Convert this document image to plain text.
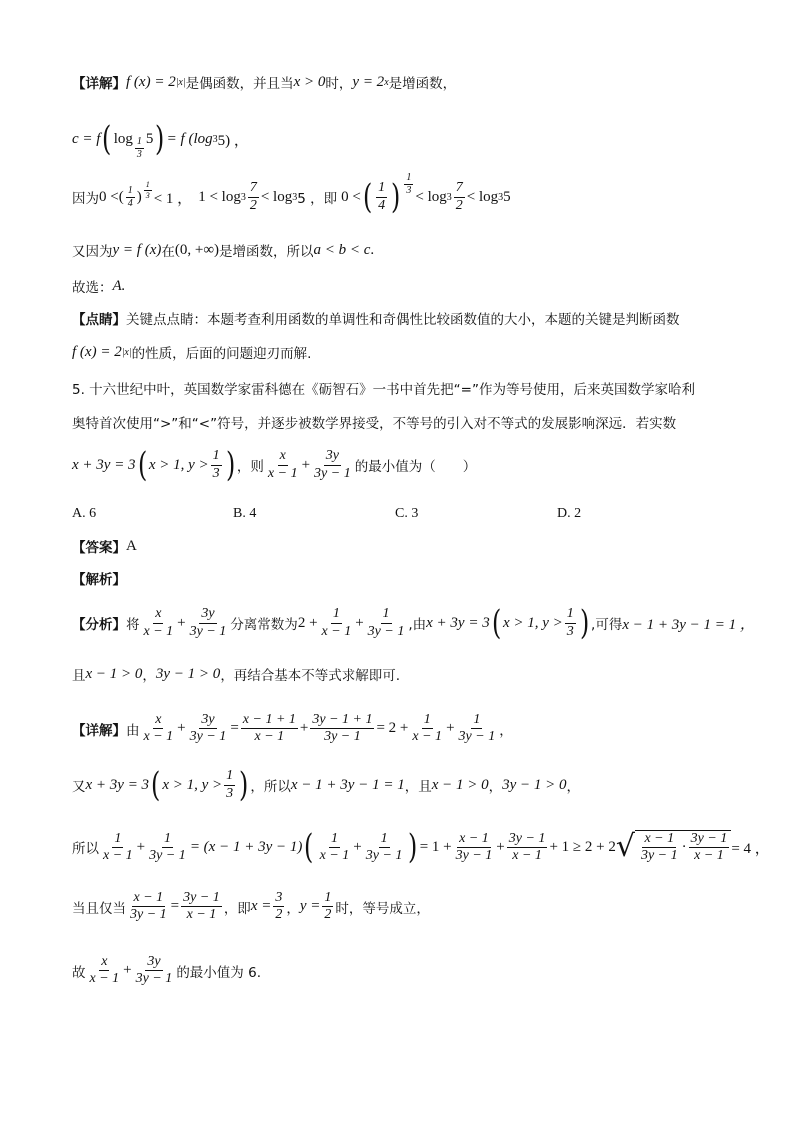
【详解】 f (x) = 2 |x| 是偶函数，并且当 x > 0 时， y = 2 x 是增函数，
c = f ( $\log \frac{1}{3} 5$ ) = f (log 3 5) ，
因为 0 <( $\frac{1}{4}$ ) $\frac{1}{3} < 1$ ， $1 < \log 3 \frac{7}{2} < \log 3$ 5 ，即 0 < ( $\frac{1}{4}$ ) $\frac{1}{3}$
< $\log 3 \frac{7}{2} < \log 3$ 5
又因为 y = f (x) 在 (0, +∞) 是增函数，所以 a < b < c .
故选： A.
【点睛】 关键点点睛：本题考查利用函数的单调性和奇偶性比较函数值的大小，本题的关键是判断函数
f (x) = 2 |x| 的性质，后面的问题迎刃而解.
5. 十六世纪中叶，英国数学家雷科德在《砺智石》一书中首先把“=”作为等号使用，后来英国数学家哈利
奥特首次使用“>”和“<”符号，并逐步被数学界接受，不等号的引入对不等式的发展影响深远．若实数
x + 3y = 3 ( x > 1, $y > \frac{1}{3}$ ) ，则 $\frac{x}{x - 1} + \frac{3y}{3y - 1}$ 的最小值为（　　）
A. 6	B. 4	C. 3	D. 2
【答案】 A
【解析】
【分析】 将 $\frac{x}{x - 1} + \frac{3y}{3y - 1}$ 分离常数为 $2 + \frac{1}{x - 1} + \frac{1}{3y - 1}$ ,由 x + 3y = 3 ( x > 1, $y > \frac{1}{3}$ ) ,可得 x − 1 + 3y − 1 = 1 ，
且 x − 1 > 0 ， 3y − 1 > 0 ，再结合基本不等式求解即可.
【详解】 由 $\frac{x}{x - 1} + \frac{3y}{3y - 1} = \frac{x - 1 + 1}{x - 1} + \frac{3y - 1 + 1}{3y - 1} = 2 + \frac{1}{x - 1} + \frac{1}{3y - 1}$ ，
又 x + 3y = 3 ( x > 1, $y > \frac{1}{3}$ ) ，所以 x − 1 + 3y − 1 = 1 ，且 x − 1 > 0 ， 3y − 1 > 0 ，
所以 $\frac{1}{x - 1} + \frac{1}{3y - 1} = (x - 1 + 3y - 1)$ ( $\frac{1}{x - 1} + \frac{1}{3y - 1}$ ) = $1 + \frac{x - 1}{3y - 1} + \frac{3y - 1}{x - 1} + 1 \ge 2 + 2$ √ $\frac{x - 1}{3y - 1} \cdot \frac{3y - 1}{x - 1} = 4$ ，
当且仅当 $\frac{x - 1}{3y - 1} = \frac{3y - 1}{x - 1}$ ，即 $x = \frac{3}{2}$ ， $y = \frac{1}{2}$ 时，等号成立，
故 $\frac{x}{x - 1} + \frac{3y}{3y - 1}$ 的最小值为 6.
